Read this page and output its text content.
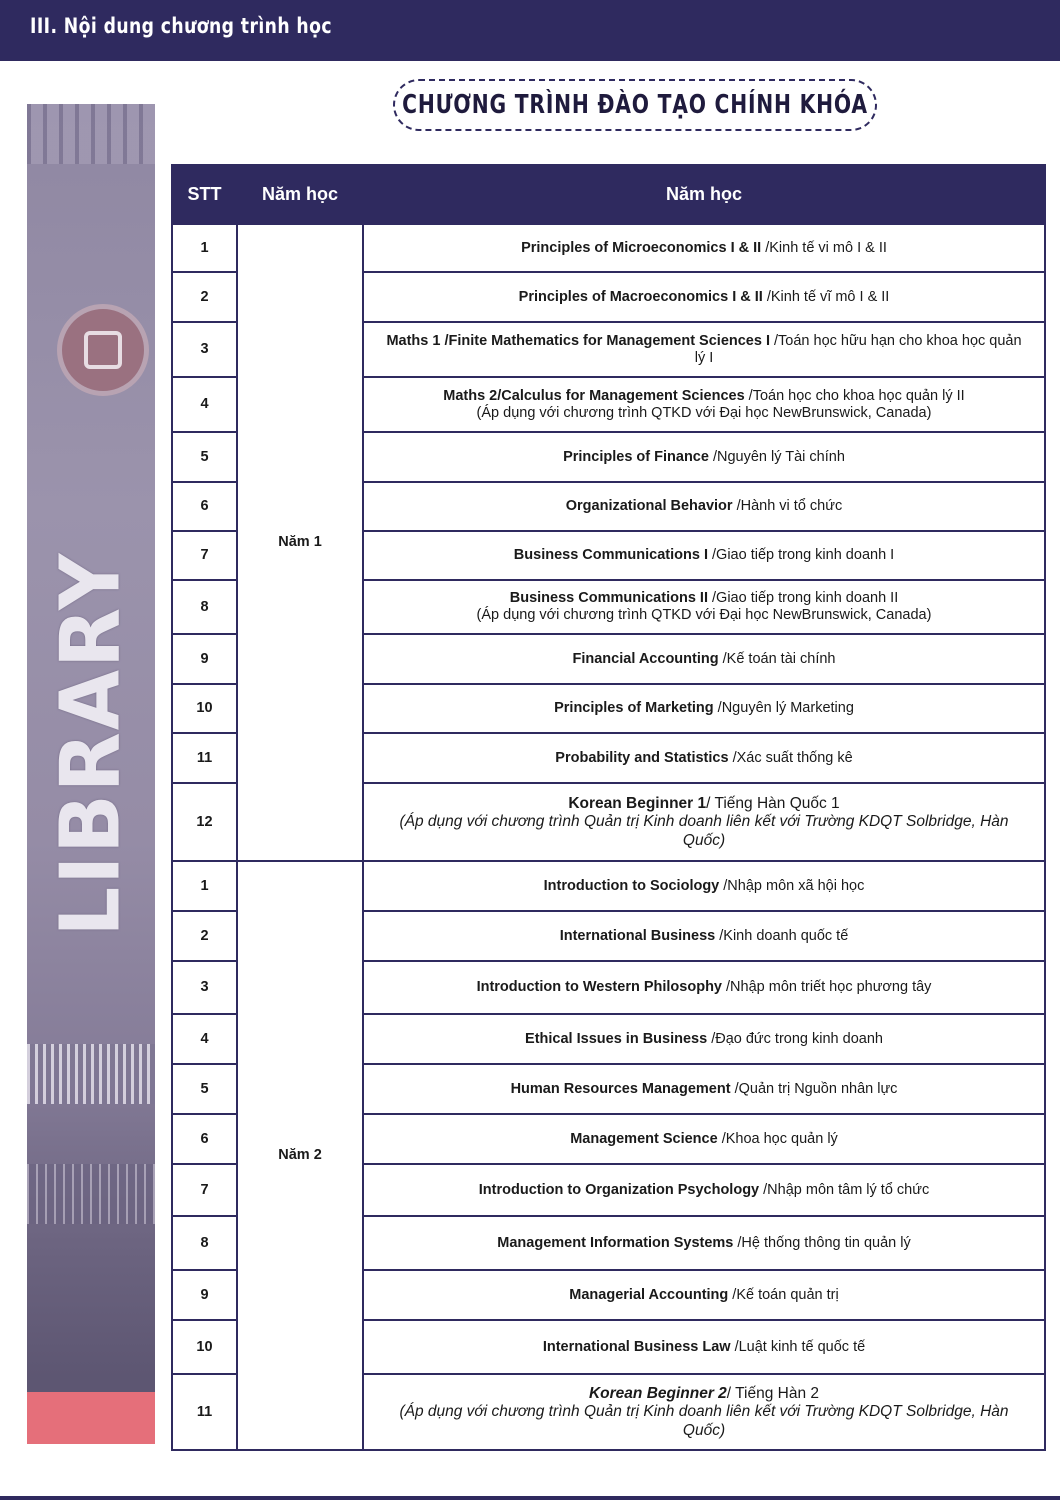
III. Nội dung chương trình học
LIBRARY
CHƯƠNG TRÌNH ĐÀO TẠO CHÍNH KHÓA
STT	Năm học	Năm học
1	Năm 1	Principles of Microeconomics I & II /Kinh tế vi mô I & II
2		Principles of Macroeconomics I & II /Kinh tế vĩ mô I & II
3		Maths 1 /Finite Mathematics for Management Sciences I /Toán học hữu hạn cho khoa học quản lý I
4		Maths 2/Calculus for Management Sciences /Toán học cho khoa học quản lý II
(Áp dụng với chương trình QTKD với Đại học NewBrunswick, Canada)

5		Principles of Finance /Nguyên lý Tài chính
6		Organizational Behavior /Hành vi tổ chức
7		Business Communications I /Giao tiếp trong kinh doanh I
8		Business Communications II /Giao tiếp trong kinh doanh II
(Áp dụng với chương trình QTKD với Đại học NewBrunswick, Canada)

9		Financial Accounting /Kế toán tài chính
10		Principles of Marketing /Nguyên lý Marketing
11		Probability and Statistics /Xác suất thống kê
12		Korean Beginner 1/ Tiếng Hàn Quốc 1
(Áp dụng với chương trình Quản trị Kinh doanh liên kết với Trường KDQT Solbridge, Hàn Quốc)

1	Năm 2	Introduction to Sociology /Nhập môn xã hội học
2		International Business /Kinh doanh quốc tế
3		Introduction to Western Philosophy /Nhập môn triết học phương tây
4		Ethical Issues in Business /Đạo đức trong kinh doanh
5		Human Resources Management /Quản trị Nguồn nhân lực
6		Management Science /Khoa học quản lý
7		Introduction to Organization Psychology /Nhập môn tâm lý tổ chức
8		Management Information Systems /Hệ thống thông tin quản lý
9		Managerial Accounting /Kế toán quản trị
10		International Business Law /Luật kinh tế quốc tế
11		Korean Beginner 2/ Tiếng Hàn 2
(Áp dụng với chương trình Quản trị Kinh doanh liên kết với Trường KDQT Solbridge, Hàn Quốc)
